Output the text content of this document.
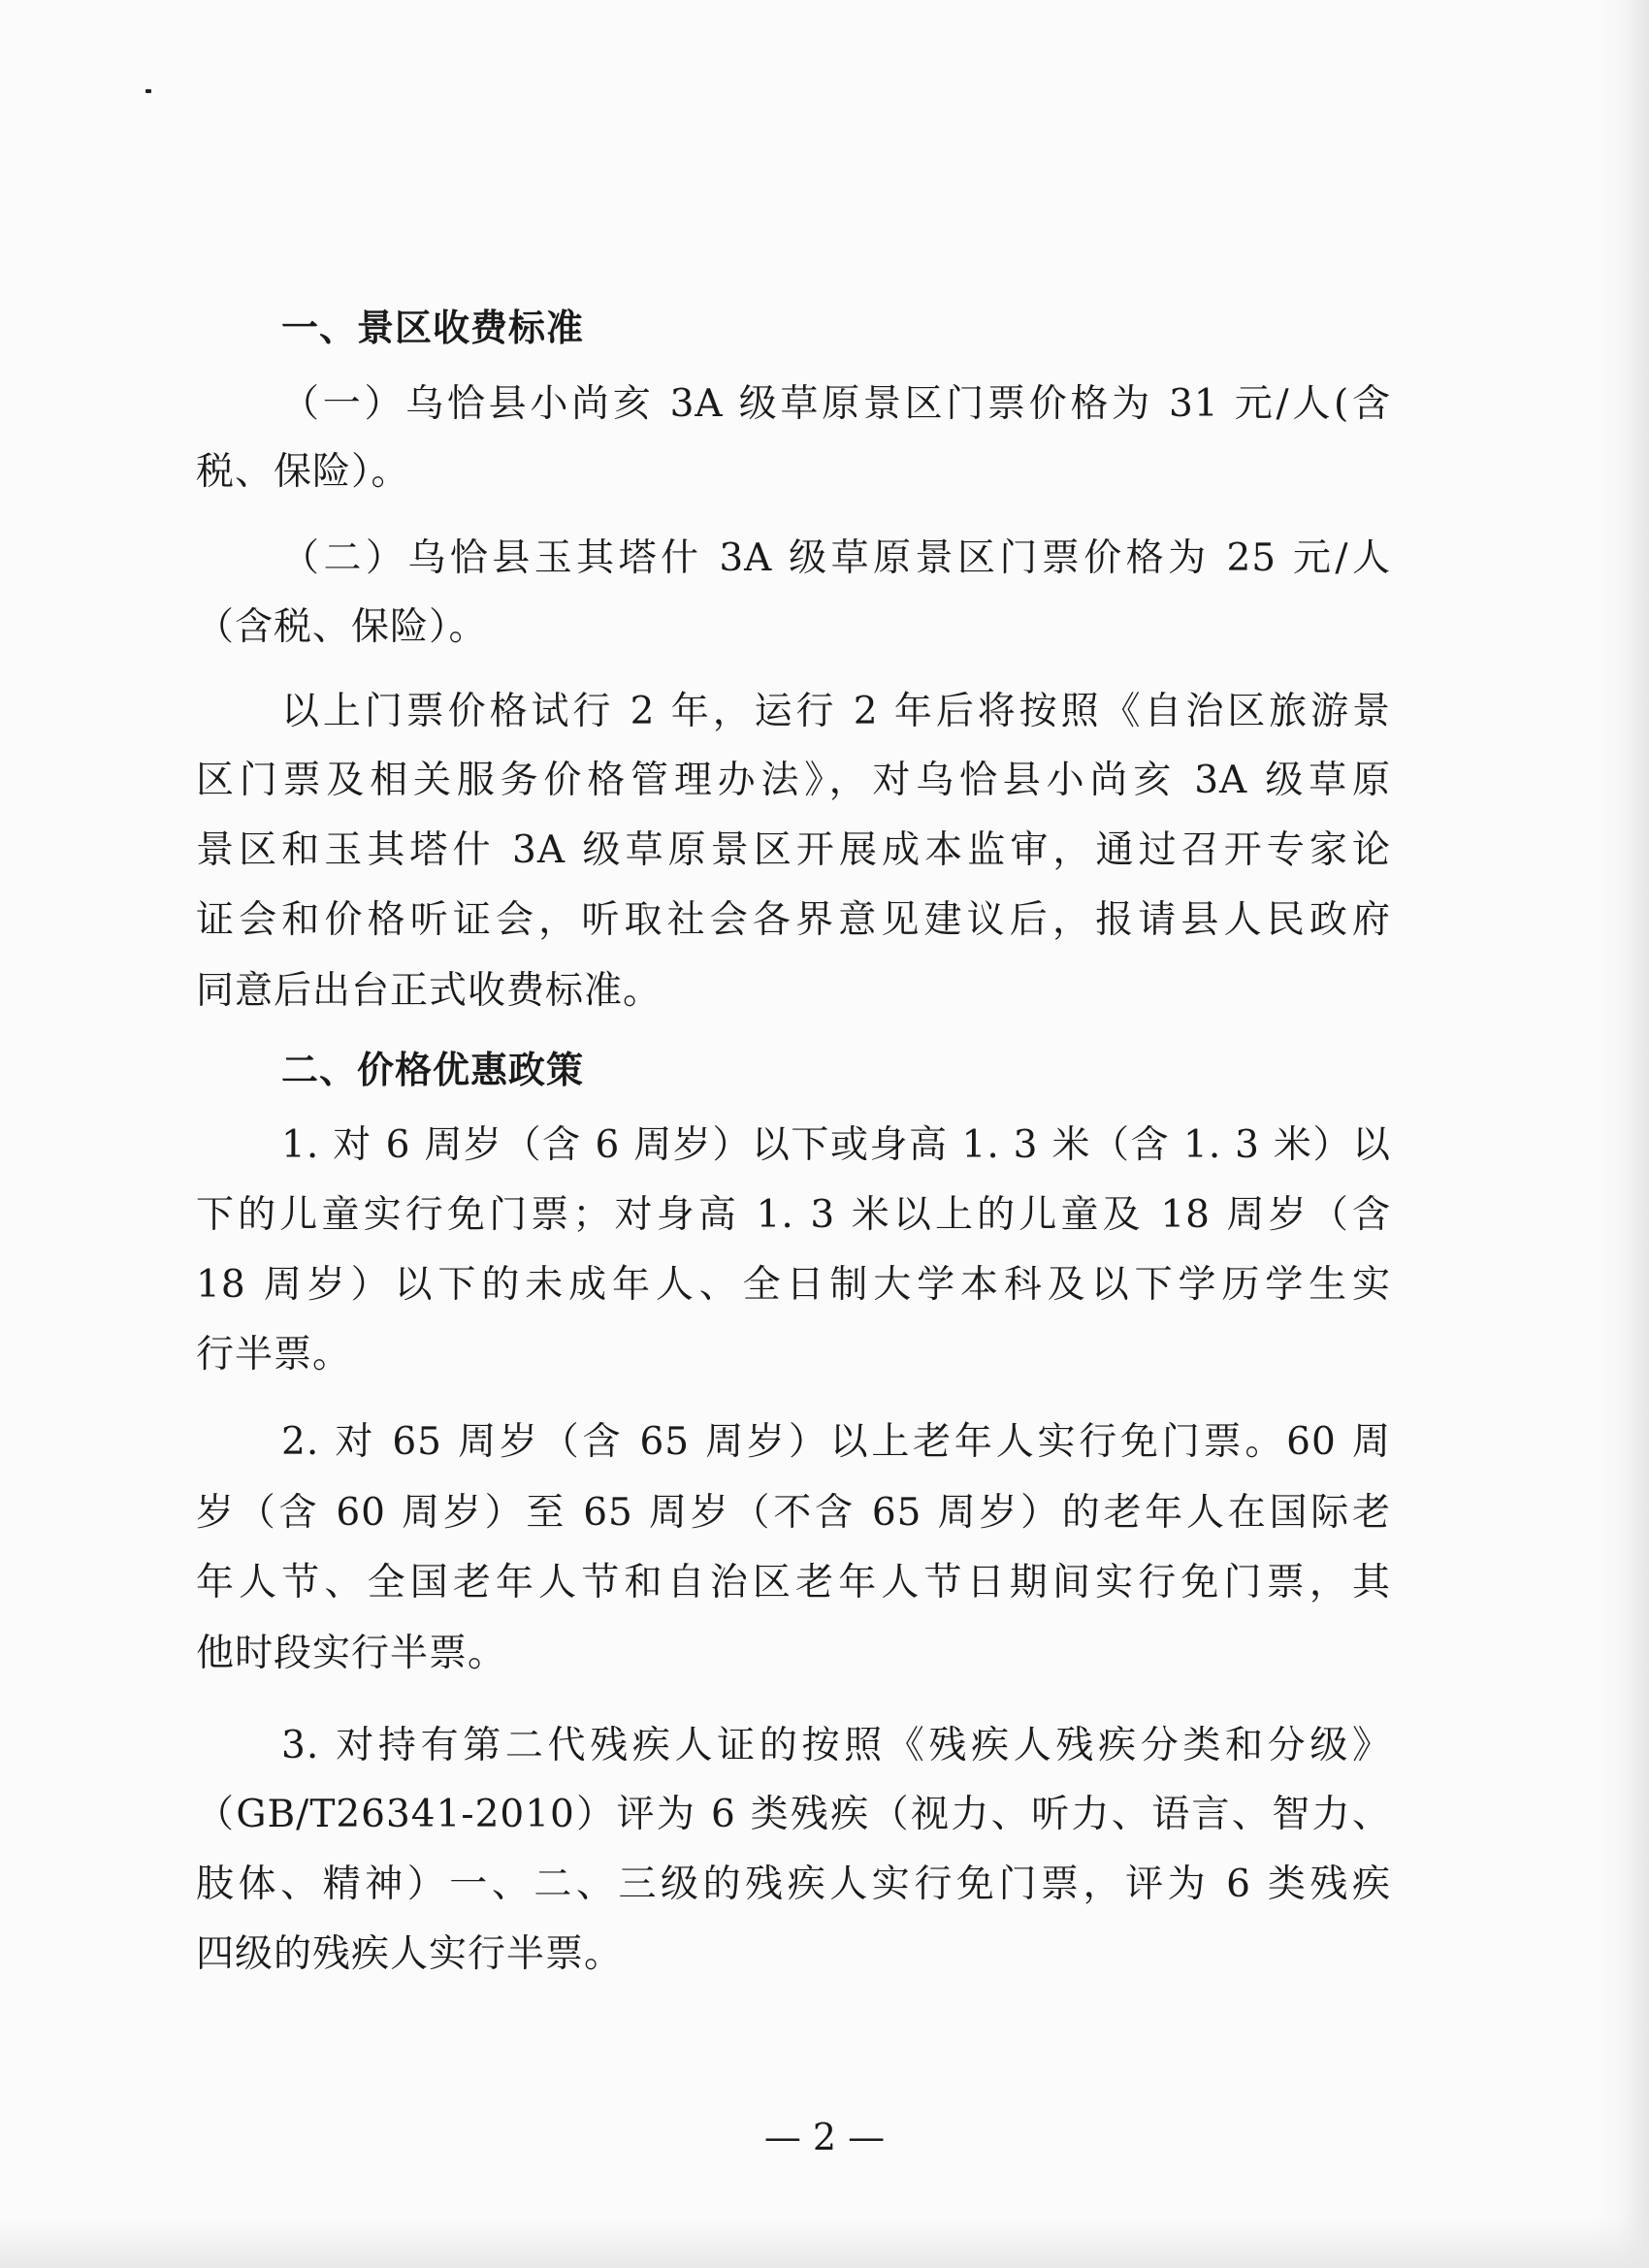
一、景区收费标准
（一）乌恰县小尚亥 3A 级草原景区门票价格为 31 元/人(含
税、保险）。
（二）乌恰县玉其塔什 3A 级草原景区门票价格为 25 元/人
（含税、保险）。
以上门票价格试行 2 年，运行 2 年后将按照《自治区旅游景
区门票及相关服务价格管理办法》，对乌恰县小尚亥 3A 级草原
景区和玉其塔什 3A 级草原景区开展成本监审，通过召开专家论
证会和价格听证会，听取社会各界意见建议后，报请县人民政府
同意后出台正式收费标准。
二、价格优惠政策
1. 对 6 周岁（含 6 周岁）以下或身高 1. 3 米（含 1. 3 米）以
下的儿童实行免门票；对身高 1. 3 米以上的儿童及 18 周岁（含
18 周岁）以下的未成年人、全日制大学本科及以下学历学生实
行半票。
2. 对 65 周岁（含 65 周岁）以上老年人实行免门票。60 周
岁（含 60 周岁）至 65 周岁（不含 65 周岁）的老年人在国际老
年人节、全国老年人节和自治区老年人节日期间实行免门票，其
他时段实行半票。
3. 对持有第二代残疾人证的按照《残疾人残疾分类和分级》
（GB/T26341-2010）评为 6 类残疾（视力、听力、语言、智力、
肢体、精神）一、二、三级的残疾人实行免门票，评为 6 类残疾
四级的残疾人实行半票。
— 2 —
